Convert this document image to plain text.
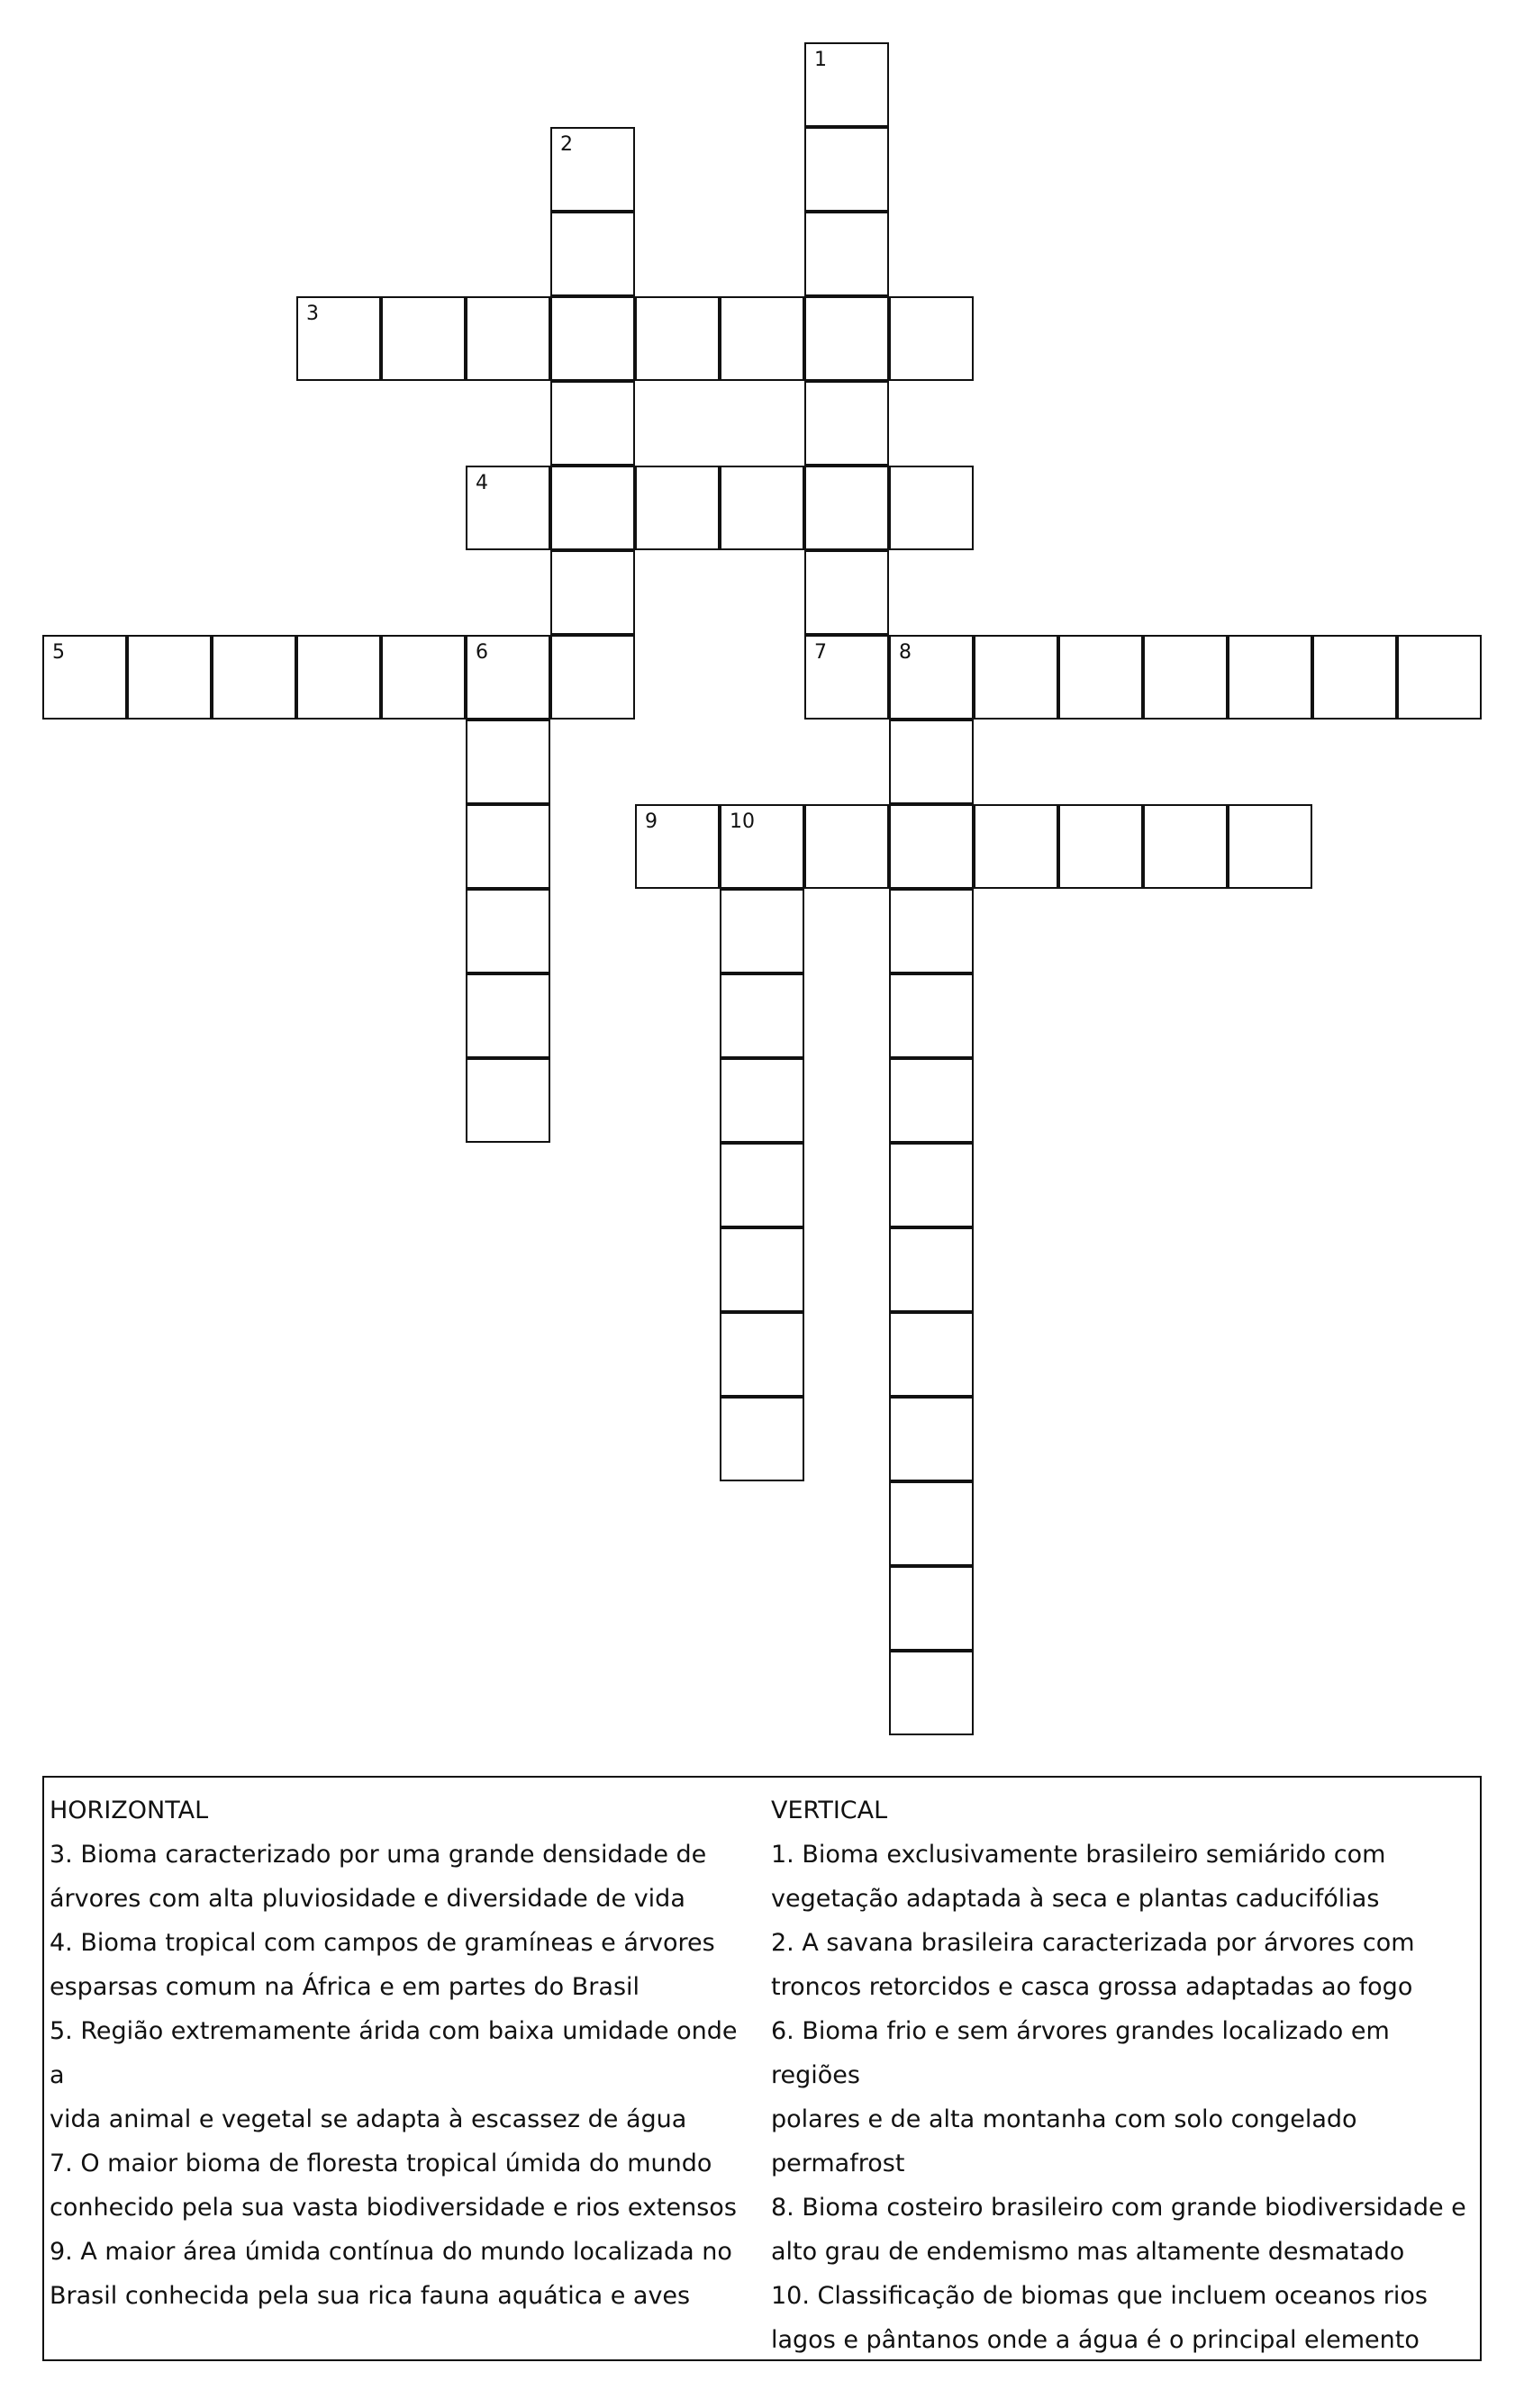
1
2
3
4
5	6	7	8
9	10
HORIZONTAL
3. Bioma caracterizado por uma grande densidade de
árvores com alta pluviosidade e diversidade de vida
4. Bioma tropical com campos de gramíneas e árvores
esparsas comum na África e em partes do Brasil
5. Região extremamente árida com baixa umidade onde a
vida animal e vegetal se adapta à escassez de água
7. O maior bioma de floresta tropical úmida do mundo
conhecido pela sua vasta biodiversidade e rios extensos
9. A maior área úmida contínua do mundo localizada no
Brasil conhecida pela sua rica fauna aquática e aves
VERTICAL
1. Bioma exclusivamente brasileiro semiárido com
vegetação adaptada à seca e plantas caducifólias
2. A savana brasileira caracterizada por árvores com
troncos retorcidos e casca grossa adaptadas ao fogo
6. Bioma frio e sem árvores grandes localizado em regiões
polares e de alta montanha com solo congelado
permafrost
8. Bioma costeiro brasileiro com grande biodiversidade e
alto grau de endemismo mas altamente desmatado
10. Classificação de biomas que incluem oceanos rios
lagos e pântanos onde a água é o principal elemento
